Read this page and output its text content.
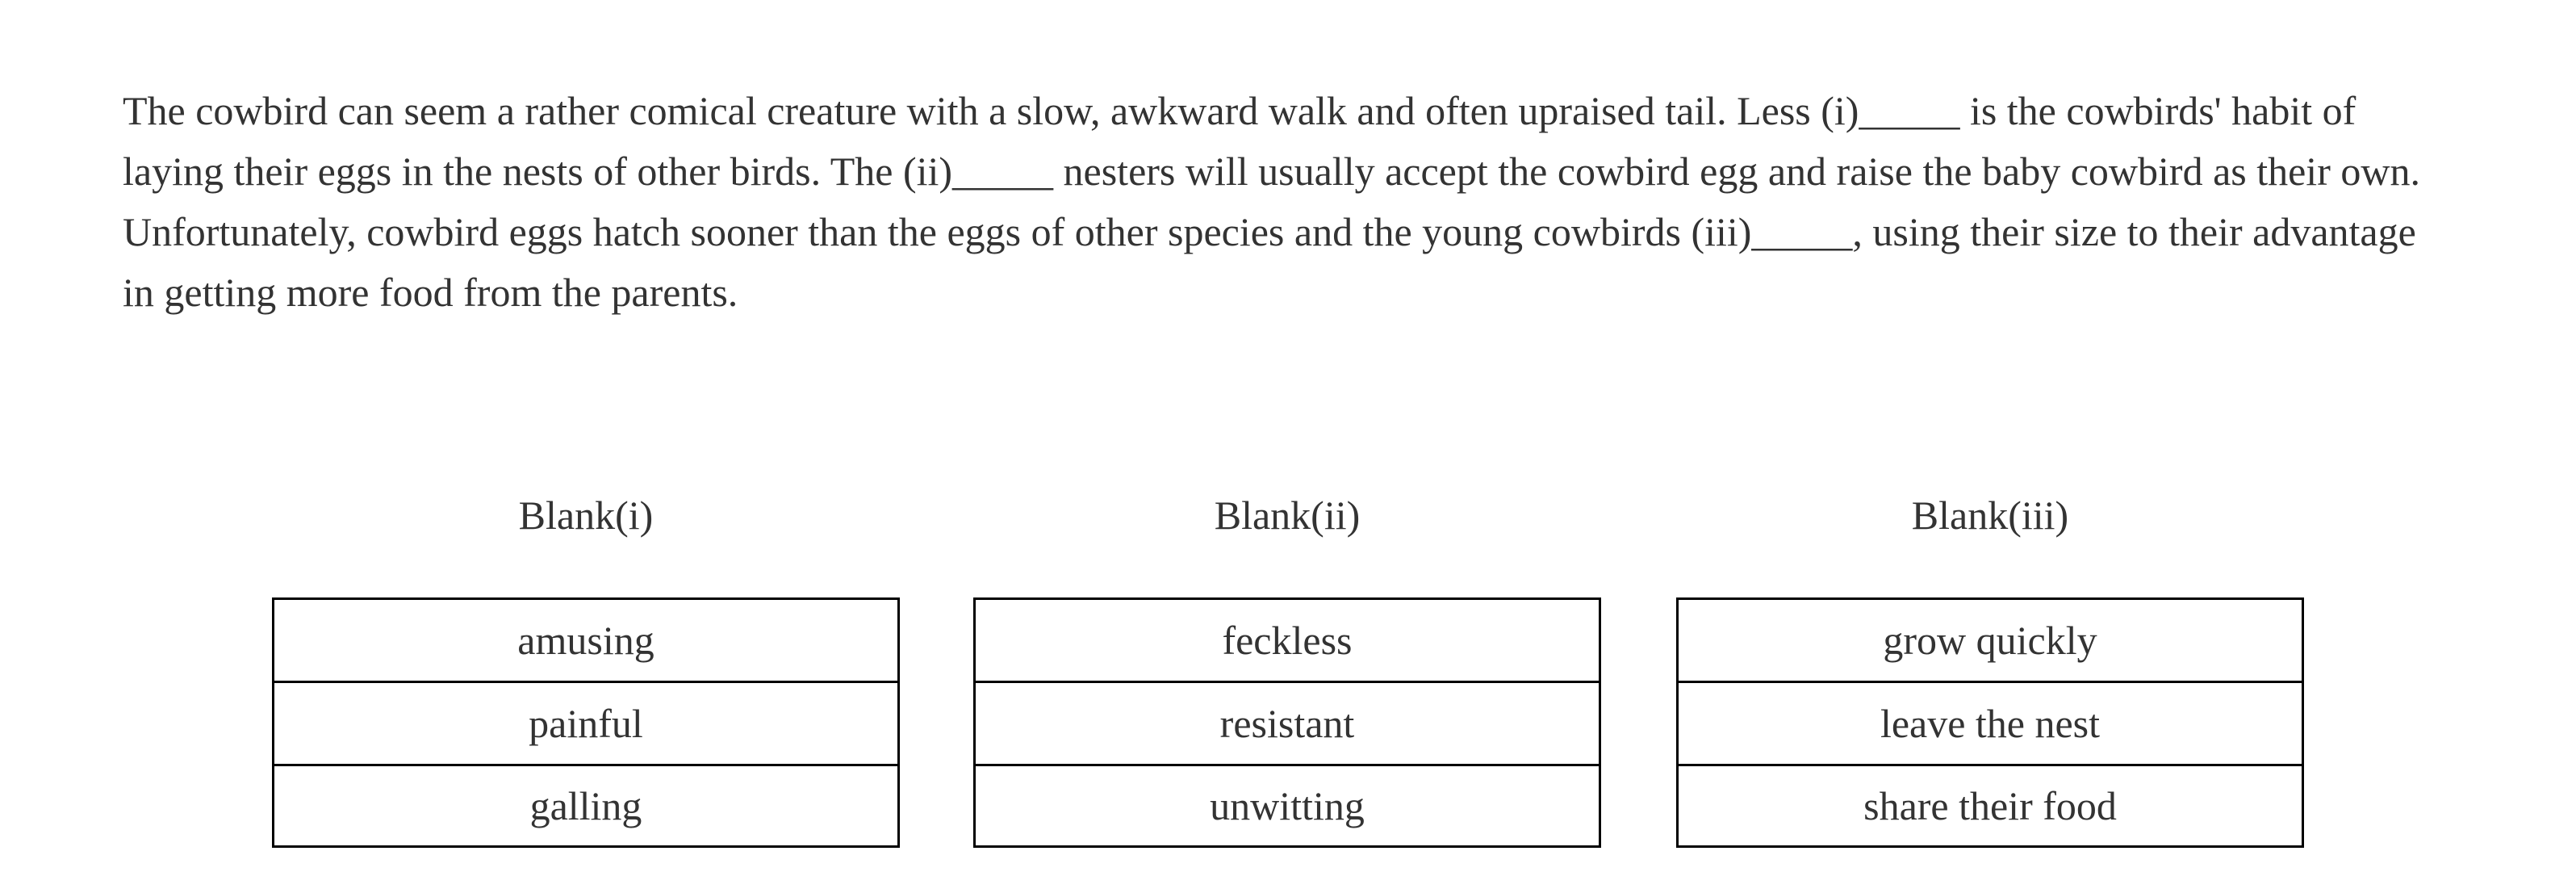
The cowbird can seem a rather comical creature with a slow, awkward walk and often upraised tail. Less (i)_____ is the cowbirds' habit of laying their eggs in the nests of other birds. The (ii)_____ nesters will usually accept the cowbird egg and raise the baby cowbird as their own. Unfortunately, cowbird eggs hatch sooner than the eggs of other species and the young cowbirds (iii)_____, using their size to their advantage in getting more food from the parents.

Blank(i)
amusing
painful
galling
Blank(ii)
feckless
resistant
unwitting
Blank(iii)
grow quickly
leave the nest
share their food
